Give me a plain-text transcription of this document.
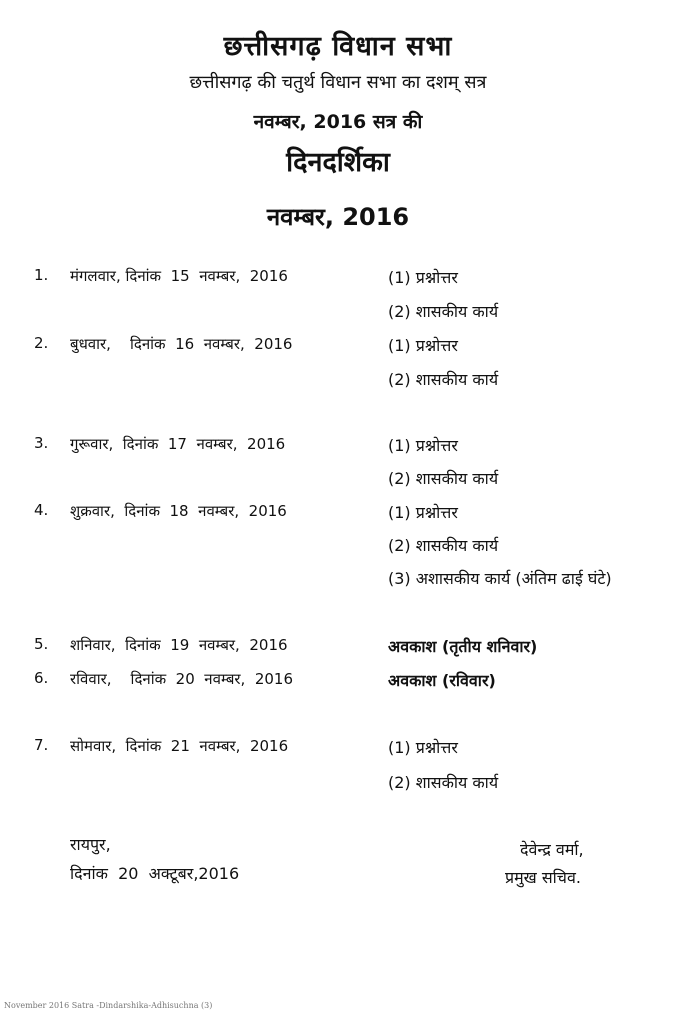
छत्तीसगढ़ विधान सभा
छत्तीसगढ़ की चतुर्थ विधान सभा का दशम् सत्र
नवम्बर, 2016 सत्र की
दिनदर्शिका
नवम्बर, 2016
1. मंगलवार, दिनांक  15  नवम्बर,  2016	(1) प्रश्नोत्तर
(2) शासकीय कार्य
2. बुधवार,    दिनांक  16  नवम्बर,  2016	(1) प्रश्नोत्तर
(2) शासकीय कार्य
3. गुरूवार,  दिनांक  17  नवम्बर,  2016	(1) प्रश्नोत्तर
(2) शासकीय कार्य
4. शुक्रवार,  दिनांक  18  नवम्बर,  2016	(1) प्रश्नोत्तर
(2) शासकीय कार्य
(3) अशासकीय कार्य (अंतिम ढाई घंटे)
5. शनिवार,  दिनांक  19  नवम्बर,  2016	अवकाश (तृतीय शनिवार)
6. रविवार,    दिनांक  20  नवम्बर,  2016	अवकाश (रविवार)
7. सोमवार,  दिनांक  21  नवम्बर,  2016	(1) प्रश्नोत्तर
(2) शासकीय कार्य
रायपुर,
दिनांक  20  अक्टूबर,2016
देवेन्द्र वर्मा,
प्रमुख सचिव.
November 2016 Satra -Dindarshika-Adhisuchna (3)
